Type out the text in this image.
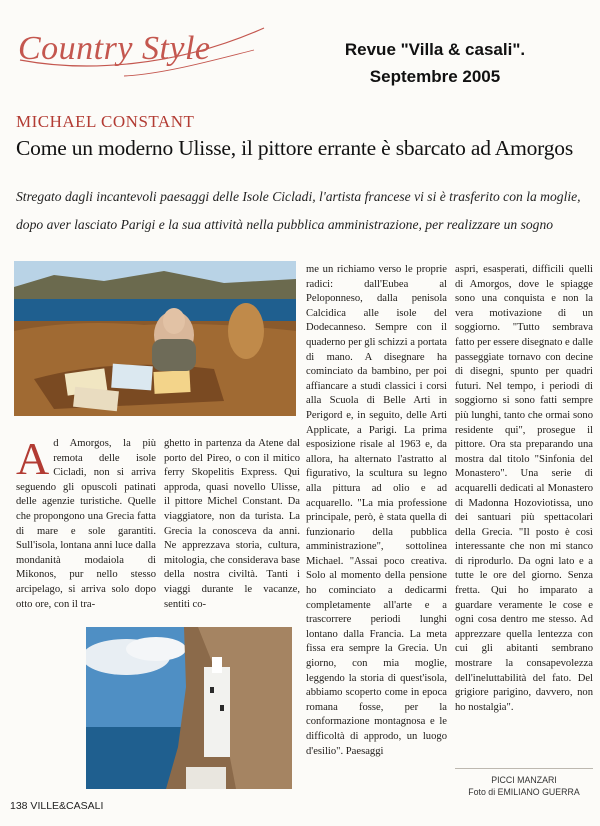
Country Style	Revue "Villa & casali".
Septembre 2005
MICHAEL CONSTANT
Come un moderno Ulisse, il pittore errante è sbarcato ad Amorgos
Stregato dagli incantevoli paesaggi delle Isole Cicladi, l'artista francese vi si è trasferito con la moglie, dopo aver lasciato Parigi e la sua attività nella pubblica amministrazione, per realizzare un sogno
A d Amorgos, la più remota delle isole Cicladi, non si arriva seguendo gli opuscoli patinati delle agenzie turistiche. Quelle che propongono una Grecia fatta di mare e sole garantiti. Sull'isola, lontana anni luce dalla mondanità modaiola di Mikonos, pur nello stesso arcipelago, si arriva solo dopo otto ore, con il tra-
ghetto in partenza da Atene dal porto del Pireo, o con il mitico ferry Skopelitis Express. Qui approda, quasi novello Ulisse, il pittore Michel Constant. Da viaggiatore, non da turista. La Grecia la conosceva da anni. Ne apprezzava storia, cultura, mitologia, che considerava base della nostra civiltà. Tanti i viaggi durante le vacanze, sentiti co-
me un richiamo verso le proprie radici: dall'Eubea al Peloponneso, dalla penisola Calcidica alle isole del Dodecanneso. Sempre con il quaderno per gli schizzi a portata di mano. A disegnare ha cominciato da bambino, per poi affiancare a studi classici i corsi alla Scuola di Belle Arti in Perigord e, in seguito, delle Arti Applicate, a Parigi. La prima esposizione risale al 1963 e, da allora, ha alternato l'astratto al figurativo, la scultura su legno alla pittura ad olio e ad acquarello. "La mia professione principale, però, è stata quella di funzionario della pubblica amministrazione", sottolinea Michael. "Assai poco creativa. Solo al momento della pensione ho cominciato a dedicarmi completamente all'arte e a trascorrere periodi lunghi lontano dalla Francia. La meta fissa era sempre la Grecia. Un giorno, con mia moglie, leggendo la storia di quest'isola, abbiamo scoperto come in epoca romana fosse, per la conformazione montagnosa e le difficoltà di approdo, un luogo d'esilio". Paesaggi
aspri, esasperati, difficili quelli di Amorgos, dove le spiagge sono una conquista e non la vera motivazione di un soggiorno. "Tutto sembrava fatto per essere disegnato e dalle passeggiate tornavo con decine di disegni, spunto per quadri futuri. Nel tempo, i periodi di soggiorno si sono fatti sempre più lunghi, tanto che ormai sono residente qui", prosegue il pittore. Ora sta preparando una mostra dal titolo "Sinfonia del Monastero". Una serie di acquarelli dedicati al Monastero di Madonna Hozoviotissa, uno dei santuari più spettacolari della Grecia. "Il posto è così interessante che non mi stanco di riprodurlo. Da ogni lato e a tutte le ore del giorno. Senza fretta. Qui ho imparato a guardare veramente le cose e ogni cosa dentro me stesso. Ad apprezzare quella lentezza con cui gli abitanti sembrano mostrare la consapevolezza dell'ineluttabilità del fato. Del grigiore parigino, davvero, non ho nostalgia".
PICCI MANZARI
Foto di EMILIANO GUERRA
138 VILLE&CASALI
